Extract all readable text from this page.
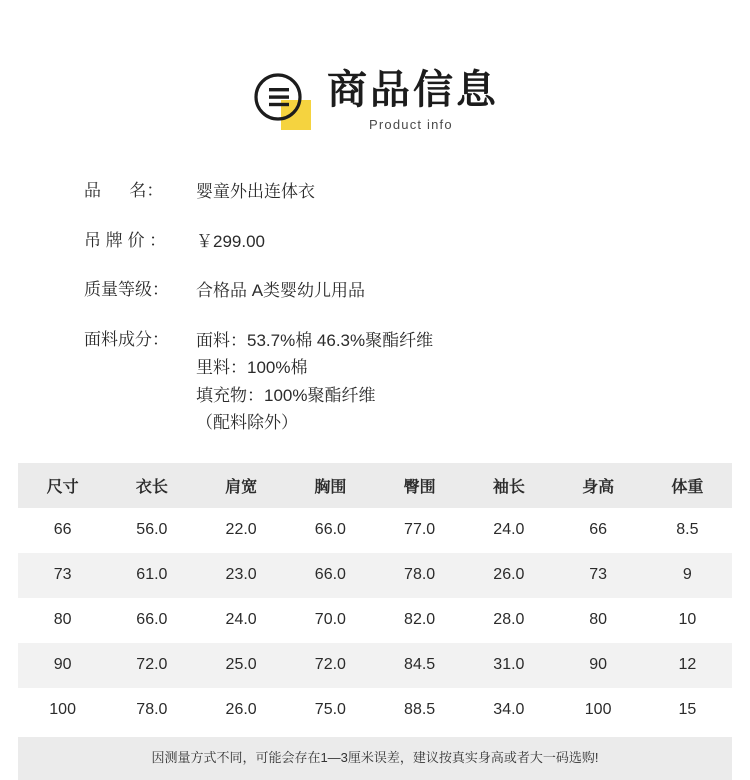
商品信息
Product info
品      名：	婴童外出连体衣
吊 牌 价 ：	￥299.00
质量等级：	合格品 A类婴幼儿用品
面料成分：	面料：53.7%棉 46.3%聚酯纤维
里料：100%棉
填充物：100%聚酯纤维
（配料除外）
尺寸	衣长	肩宽	胸围	臀围	袖长	身高	体重
66	56.0	22.0	66.0	77.0	24.0	66	8.5
73	61.0	23.0	66.0	78.0	26.0	73	9
80	66.0	24.0	70.0	82.0	28.0	80	10
90	72.0	25.0	72.0	84.5	31.0	90	12
100	78.0	26.0	75.0	88.5	34.0	100	15
因测量方式不同，可能会存在1—3厘米误差，建议按真实身高或者大一码选购!
